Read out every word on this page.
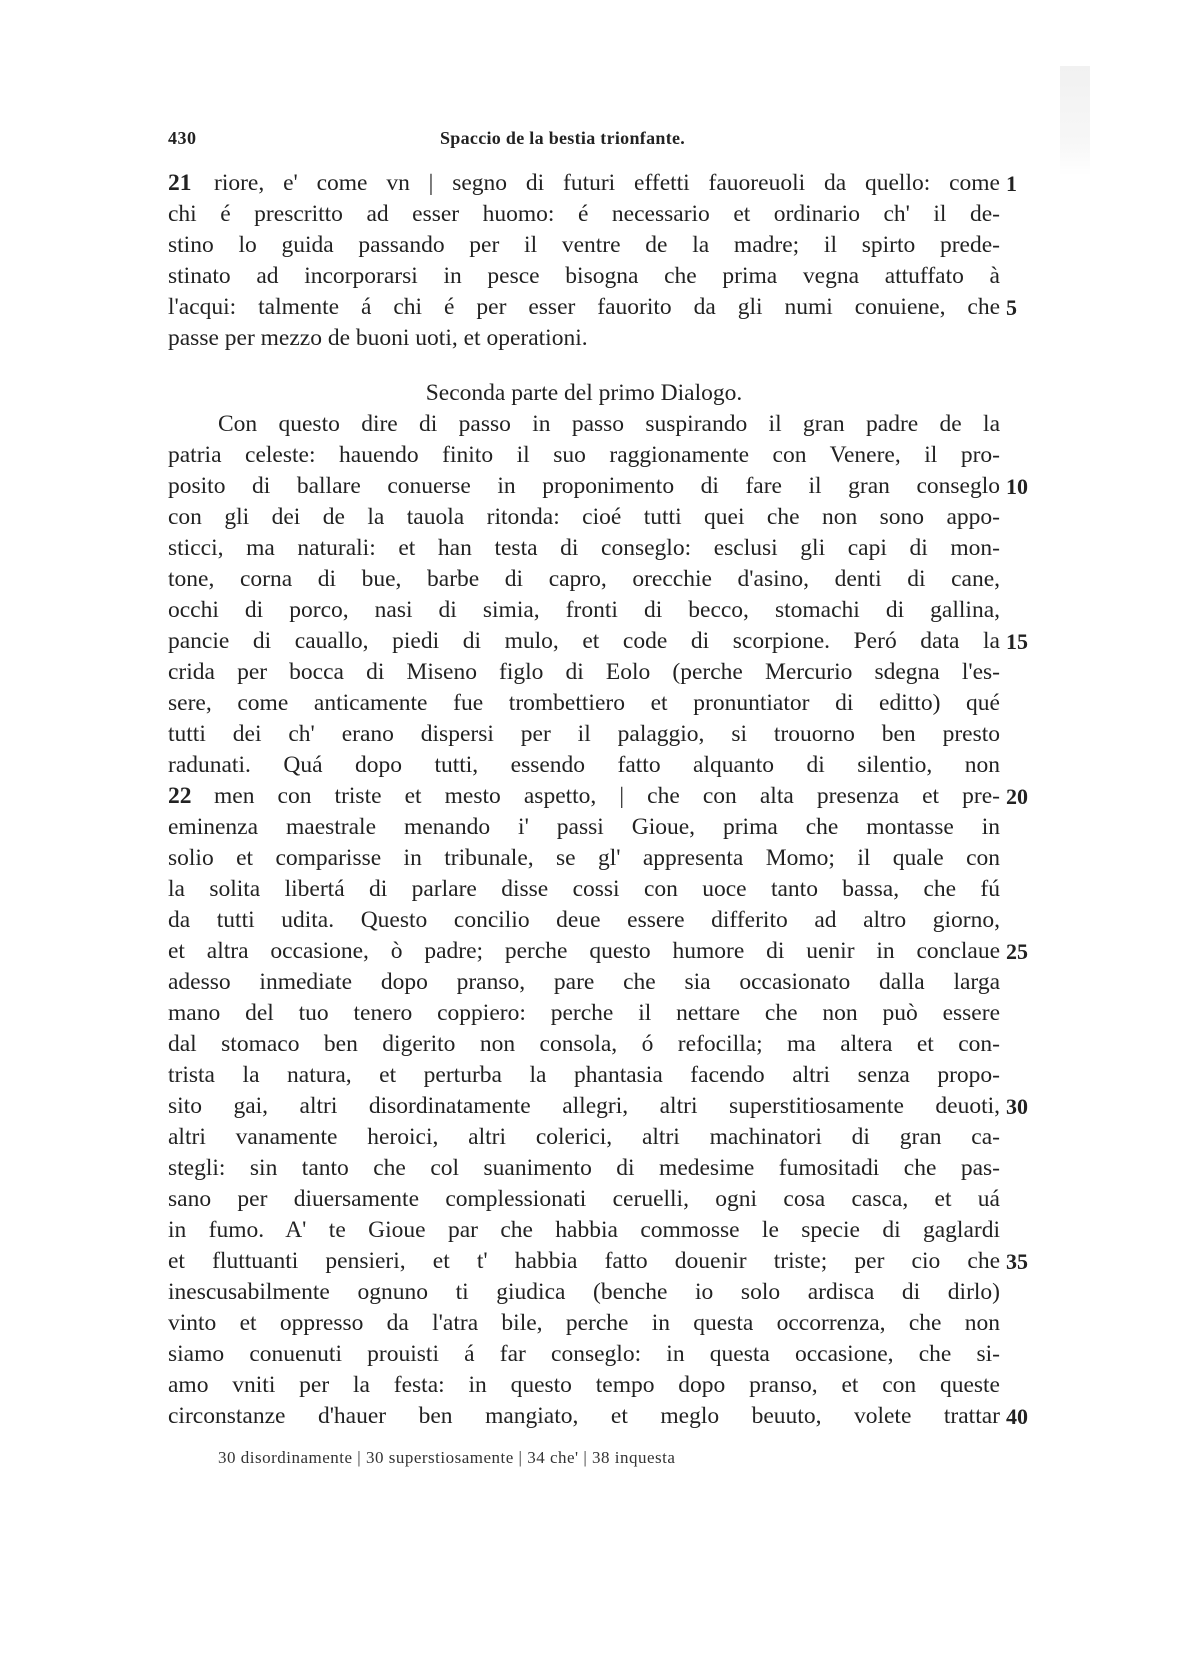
430	Spaccio de la bestia trionfante.
21 riore, e' come vn | segno di futuri effetti fauoreuoli da quello: come 1
chi é prescritto ad esser huomo: é necessario et ordinario ch' il de-
stino lo guida passando per il ventre de la madre; il spirto prede-
stinato ad incorporarsi in pesce bisogna che prima vegna attuffato à
l'acqui: talmente á chi é per esser fauorito da gli numi conuiene, che 5
passe per mezzo de buoni uoti, et operationi.
Seconda parte del primo Dialogo.
Con questo dire di passo in passo suspirando il gran padre de la
patria celeste: hauendo finito il suo raggionamente con Venere, il pro-
posito di ballare conuerse in proponimento di fare il gran conseglo 10
con gli dei de la tauola ritonda: cioé tutti quei che non sono appo-
sticci, ma naturali: et han testa di conseglo: esclusi gli capi di mon-
tone, corna di bue, barbe di capro, orecchie d'asino, denti di cane,
occhi di porco, nasi di simia, fronti di becco, stomachi di gallina,
pancie di cauallo, piedi di mulo, et code di scorpione. Peró data la 15
crida per bocca di Miseno figlo di Eolo (perche Mercurio sdegna l'es-
sere, come anticamente fue trombettiero et pronuntiator di editto) qué
tutti dei ch' erano dispersi per il palaggio, si trouorno ben presto
radunati. Quá dopo tutti, essendo fatto alquanto di silentio, non
22 men con triste et mesto aspetto, | che con alta presenza et pre- 20
eminenza maestrale menando i' passi Gioue, prima che montasse in
solio et comparisse in tribunale, se gl' appresenta Momo; il quale con
la solita libertá di parlare disse cossi con uoce tanto bassa, che fú
da tutti udita. Questo concilio deue essere differito ad altro giorno,
et altra occasione, ò padre; perche questo humore di uenir in conclaue 25
adesso inmediate dopo pranso, pare che sia occasionato dalla larga
mano del tuo tenero coppiero: perche il nettare che non può essere
dal stomaco ben digerito non consola, ó refocilla; ma altera et con-
trista la natura, et perturba la phantasia facendo altri senza propo-
sito gai, altri disordinatamente allegri, altri superstitiosamente deuoti, 30
altri vanamente heroici, altri colerici, altri machinatori di gran ca-
stegli: sin tanto che col suanimento di medesime fumositadi che pas-
sano per diuersamente complessionati ceruelli, ogni cosa casca, et uá
in fumo. A' te Gioue par che habbia commosse le specie di gaglardi
et fluttuanti pensieri, et t' habbia fatto douenir triste; per cio che 35
inescusabilmente ognuno ti giudica (benche io solo ardisca di dirlo)
vinto et oppresso da l'atra bile, perche in questa occorrenza, che non
siamo conuenuti prouisti á far conseglo: in questa occasione, che si-
amo vniti per la festa: in questo tempo dopo pranso, et con queste
circonstanze d'hauer ben mangiato, et meglo beuuto, volete trattar 40
30 disordinamente | 30 superstiosamente | 34 che' | 38 inquesta
